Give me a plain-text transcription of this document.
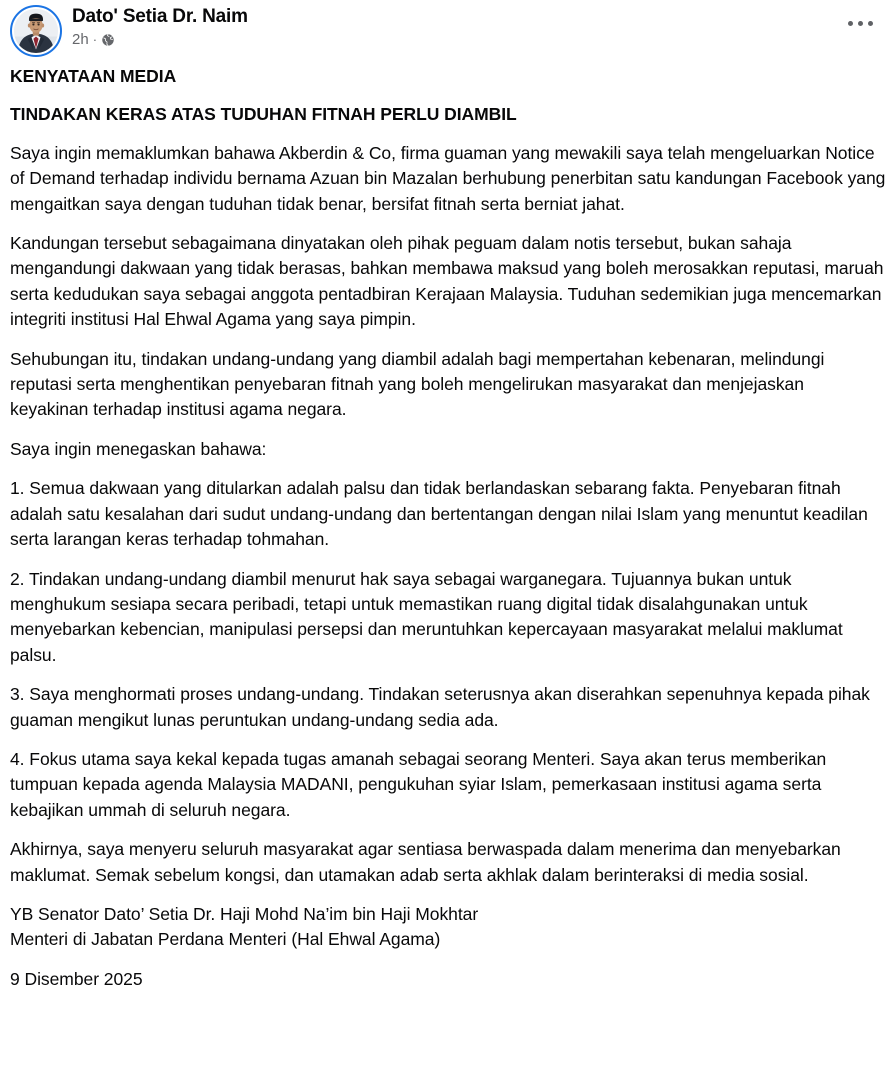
Dato' Setia Dr. Naim
2h ·

KENYATAAN MEDIA

TINDAKAN KERAS ATAS TUDUHAN FITNAH PERLU DIAMBIL

Saya ingin memaklumkan bahawa Akberdin & Co, firma guaman yang mewakili saya telah mengeluarkan Notice of Demand terhadap individu bernama Azuan bin Mazalan berhubung penerbitan satu kandungan Facebook yang mengaitkan saya dengan tuduhan tidak benar, bersifat fitnah serta berniat jahat.

Kandungan tersebut sebagaimana dinyatakan oleh pihak peguam dalam notis tersebut, bukan sahaja mengandungi dakwaan yang tidak berasas, bahkan membawa maksud yang boleh merosakkan reputasi, maruah serta kedudukan saya sebagai anggota pentadbiran Kerajaan Malaysia. Tuduhan sedemikian juga mencemarkan integriti institusi Hal Ehwal Agama yang saya pimpin.

Sehubungan itu, tindakan undang-undang yang diambil adalah bagi mempertahan kebenaran, melindungi reputasi serta menghentikan penyebaran fitnah yang boleh mengelirukan masyarakat dan menjejaskan keyakinan terhadap institusi agama negara.

Saya ingin menegaskan bahawa:

1. Semua dakwaan yang ditularkan adalah palsu dan tidak berlandaskan sebarang fakta. Penyebaran fitnah adalah satu kesalahan dari sudut undang-undang dan bertentangan dengan nilai Islam yang menuntut keadilan serta larangan keras terhadap tohmahan.

2. Tindakan undang-undang diambil menurut hak saya sebagai warganegara. Tujuannya bukan untuk menghukum sesiapa secara peribadi, tetapi untuk memastikan ruang digital tidak disalahgunakan untuk menyebarkan kebencian, manipulasi persepsi dan meruntuhkan kepercayaan masyarakat melalui maklumat palsu.

3. Saya menghormati proses undang-undang. Tindakan seterusnya akan diserahkan sepenuhnya kepada pihak guaman mengikut lunas peruntukan undang-undang sedia ada.

4. Fokus utama saya kekal kepada tugas amanah sebagai seorang Menteri. Saya akan terus memberikan tumpuan kepada agenda Malaysia MADANI, pengukuhan syiar Islam, pemerkasaan institusi agama serta kebajikan ummah di seluruh negara.

Akhirnya, saya menyeru seluruh masyarakat agar sentiasa berwaspada dalam menerima dan menyebarkan maklumat. Semak sebelum kongsi, dan utamakan adab serta akhlak dalam berinteraksi di media sosial.

YB Senator Dato’ Setia Dr. Haji Mohd Na’im bin Haji Mokhtar

Menteri di Jabatan Perdana Menteri (Hal Ehwal Agama)

9 Disember 2025
